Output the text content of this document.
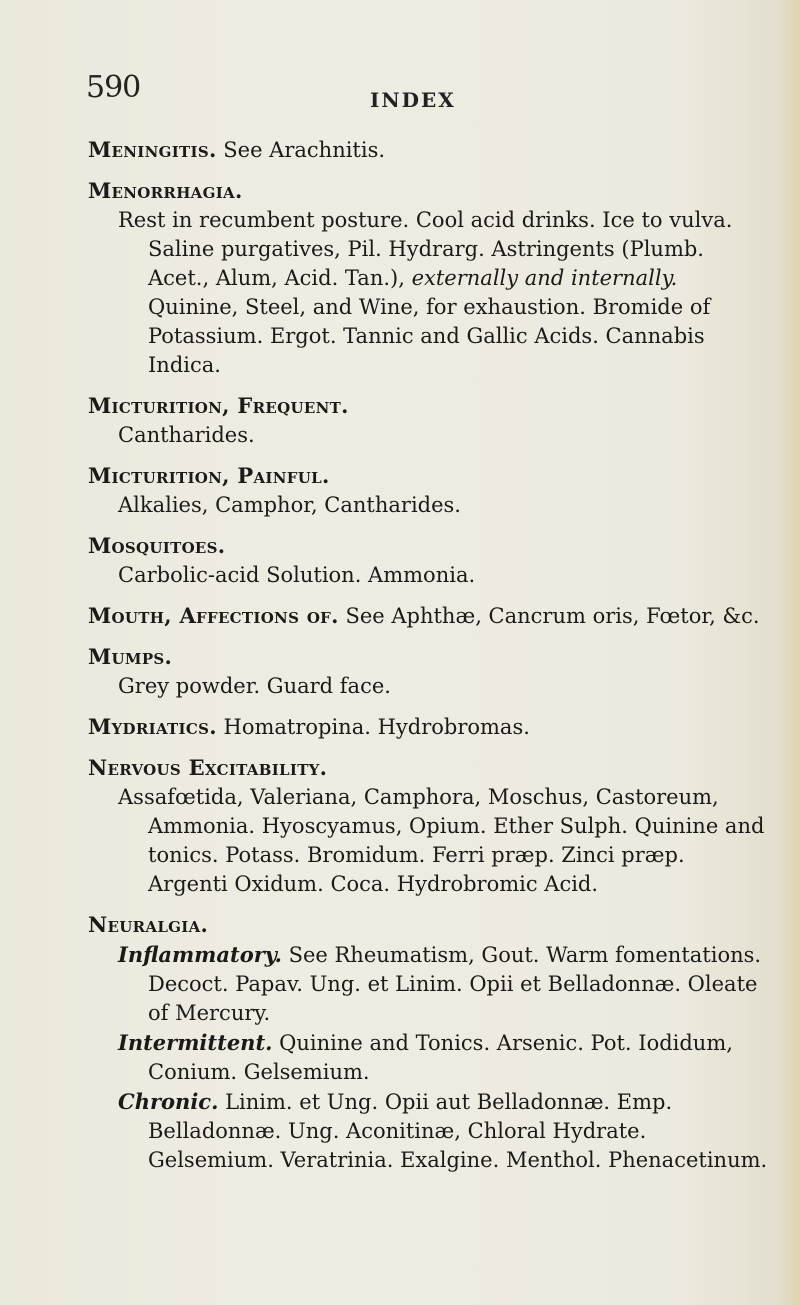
590	INDEX
Meningitis. See Arachnitis.
Menorrhagia.
Rest in recumbent posture. Cool acid drinks. Ice to vulva. Saline purgatives, Pil. Hydrarg. Astringents (Plumb. Acet., Alum, Acid. Tan.), externally and internally. Quinine, Steel, and Wine, for exhaustion. Bromide of Potassium. Ergot. Tannic and Gallic Acids. Cannabis Indica.
Micturition, Frequent.
Cantharides.
Micturition, Painful.
Alkalies, Camphor, Cantharides.
Mosquitoes.
Carbolic-acid Solution. Ammonia.
Mouth, Affections of. See Aphthæ, Cancrum oris, Fœtor, &c.
Mumps.
Grey powder. Guard face.
Mydriatics. Homatropina. Hydrobromas.
Nervous Excitability.
Assafœtida, Valeriana, Camphora, Moschus, Castoreum, Ammonia. Hyoscyamus, Opium. Ether Sulph. Quinine and tonics. Potass. Bromidum. Ferri præp. Zinci præp. Argenti Oxidum. Coca. Hydrobromic Acid.
Neuralgia.
Inflammatory. See Rheumatism, Gout. Warm fomentations. Decoct. Papav. Ung. et Linim. Opii et Belladonnæ. Oleate of Mercury.
Intermittent. Quinine and Tonics. Arsenic. Pot. Iodidum, Conium. Gelsemium.
Chronic. Linim. et Ung. Opii aut Belladonnæ. Emp. Belladonnæ. Ung. Aconitinæ, Chloral Hydrate. Gelsemium. Veratrinia. Exalgine. Menthol. Phenacetinum.
